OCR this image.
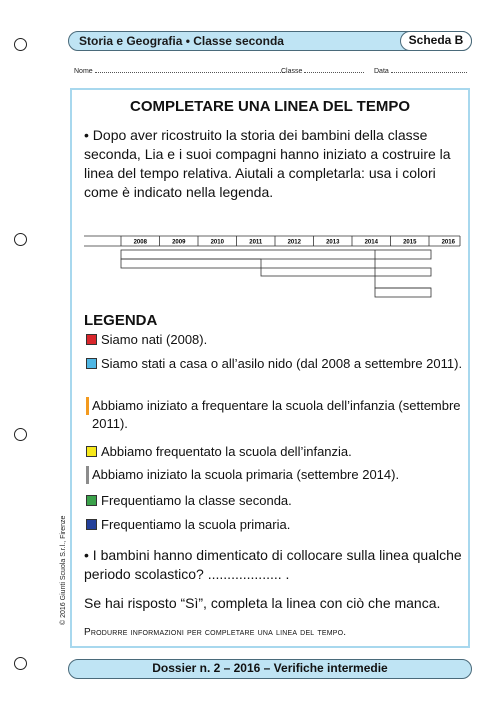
Storia e Geografia • Classe seconda	Scheda B
Nome	Classe	Data
COMPLETARE UNA LINEA DEL TEMPO
• Dopo aver ricostruito la storia dei bambini della classe seconda, Lia e i suoi compagni hanno iniziato a costruire la linea del tempo relativa. Aiutali a completarla: usa i colori come è indicato nella legenda.
2008	2009	2010	2011	2012	2013	2014	2015	2016
LEGENDA
Siamo nati (2008).
Siamo stati a casa o all’asilo nido (dal 2008 a settembre 2011).
Abbiamo iniziato a frequentare la scuola dell’infanzia (settembre 2011).
Abbiamo frequentato la scuola dell’infanzia.
Abbiamo iniziato la scuola primaria (settembre 2014).
Frequentiamo la classe seconda.
Frequentiamo la scuola primaria.
• I bambini hanno dimenticato di collocare sulla linea qualche periodo scolastico? ................... .
Se hai risposto “Sì”, completa la linea con ciò che manca.
Produrre informazioni per completare una linea del tempo.
Dossier n. 2 – 2016 – Verifiche intermedie
© 2016 Giunti Scuola S.r.l., Firenze
